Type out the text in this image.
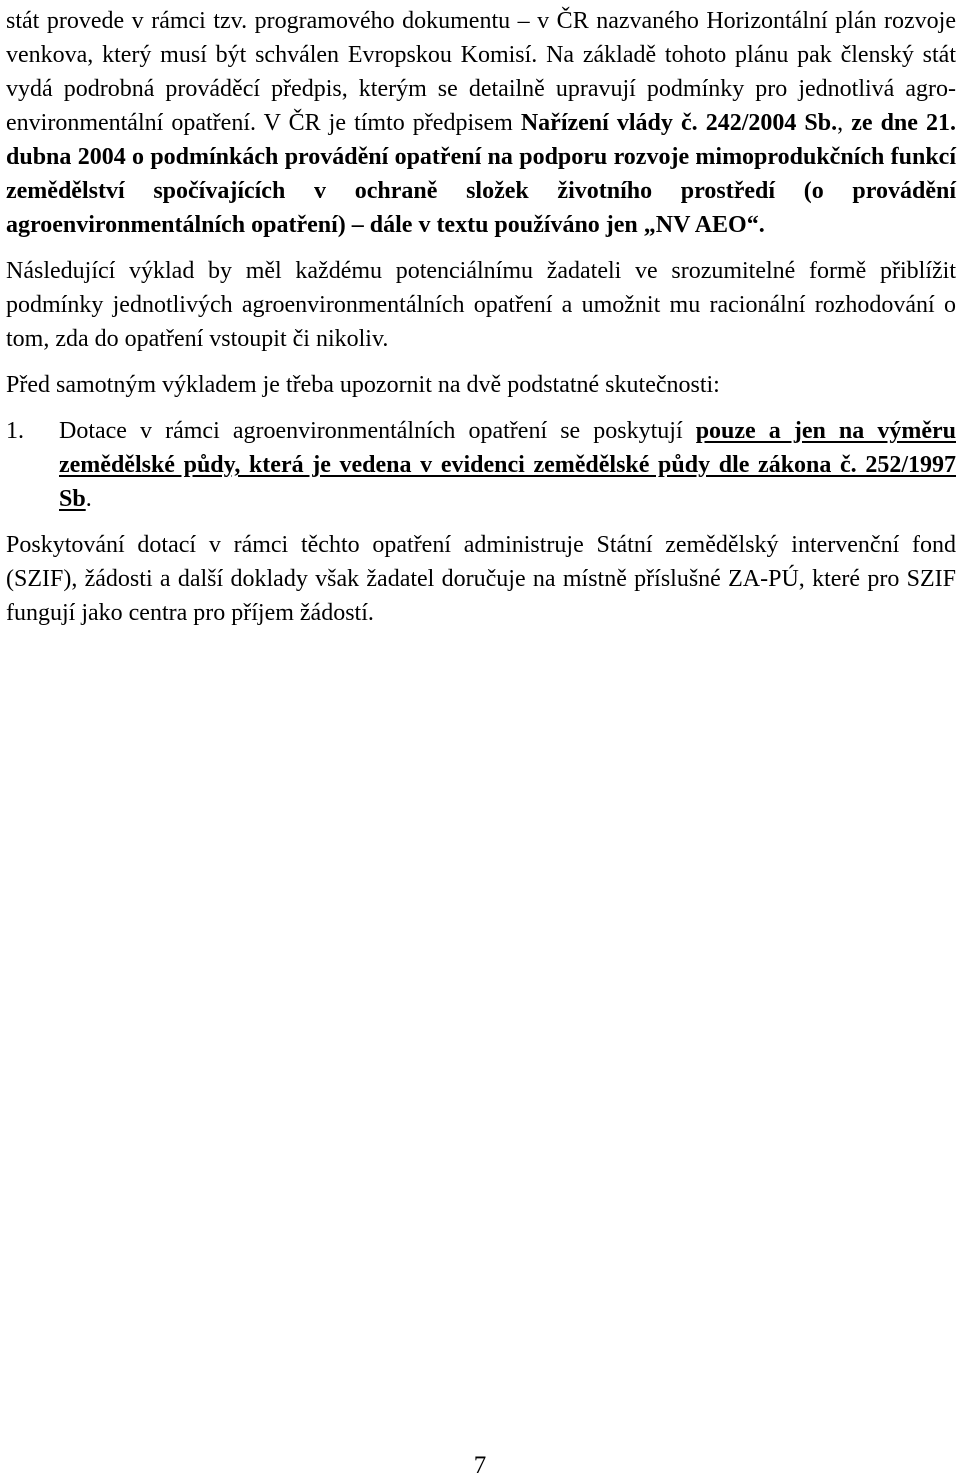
stát provede v rámci tzv. programového dokumentu – v ČR nazvaného Horizontální plán rozvoje venkova, který musí být schválen Evropskou Komisí. Na základě tohoto plánu pak členský stát vydá podrobná prováděcí předpis, kterým se detailně upravují podmínky pro jednotlivá agro-environmentální opatření. V ČR je tímto předpisem Nařízení vlády č. 242/2004 Sb., ze dne 21. dubna 2004 o podmínkách provádění opatření na podporu rozvoje mimoprodukčních funkcí zemědělství spočívajících v ochraně složek životního prostředí (o provádění agroenvironmentálních opatření) – dále v textu používáno jen „NV AEO“.

Následující výklad by měl každému potenciálnímu žadateli ve srozumitelné formě přiblížit podmínky jednotlivých agroenvironmentálních opatření a umožnit mu racionální rozhodování o tom, zda do opatření vstoupit či nikoliv.

Před samotným výkladem je třeba upozornit na dvě podstatné skutečnosti:

1.	Dotace v rámci agroenvironmentálních opatření se poskytují pouze a jen na výměru zemědělské půdy, která je vedena v evidenci zemědělské půdy dle zákona č. 252/1997 Sb.

Poskytování dotací v rámci těchto opatření administruje Státní zemědělský intervenční fond (SZIF), žádosti a další doklady však žadatel doručuje na místně příslušné ZA-PÚ, které pro SZIF fungují jako centra pro příjem žádostí.

7
